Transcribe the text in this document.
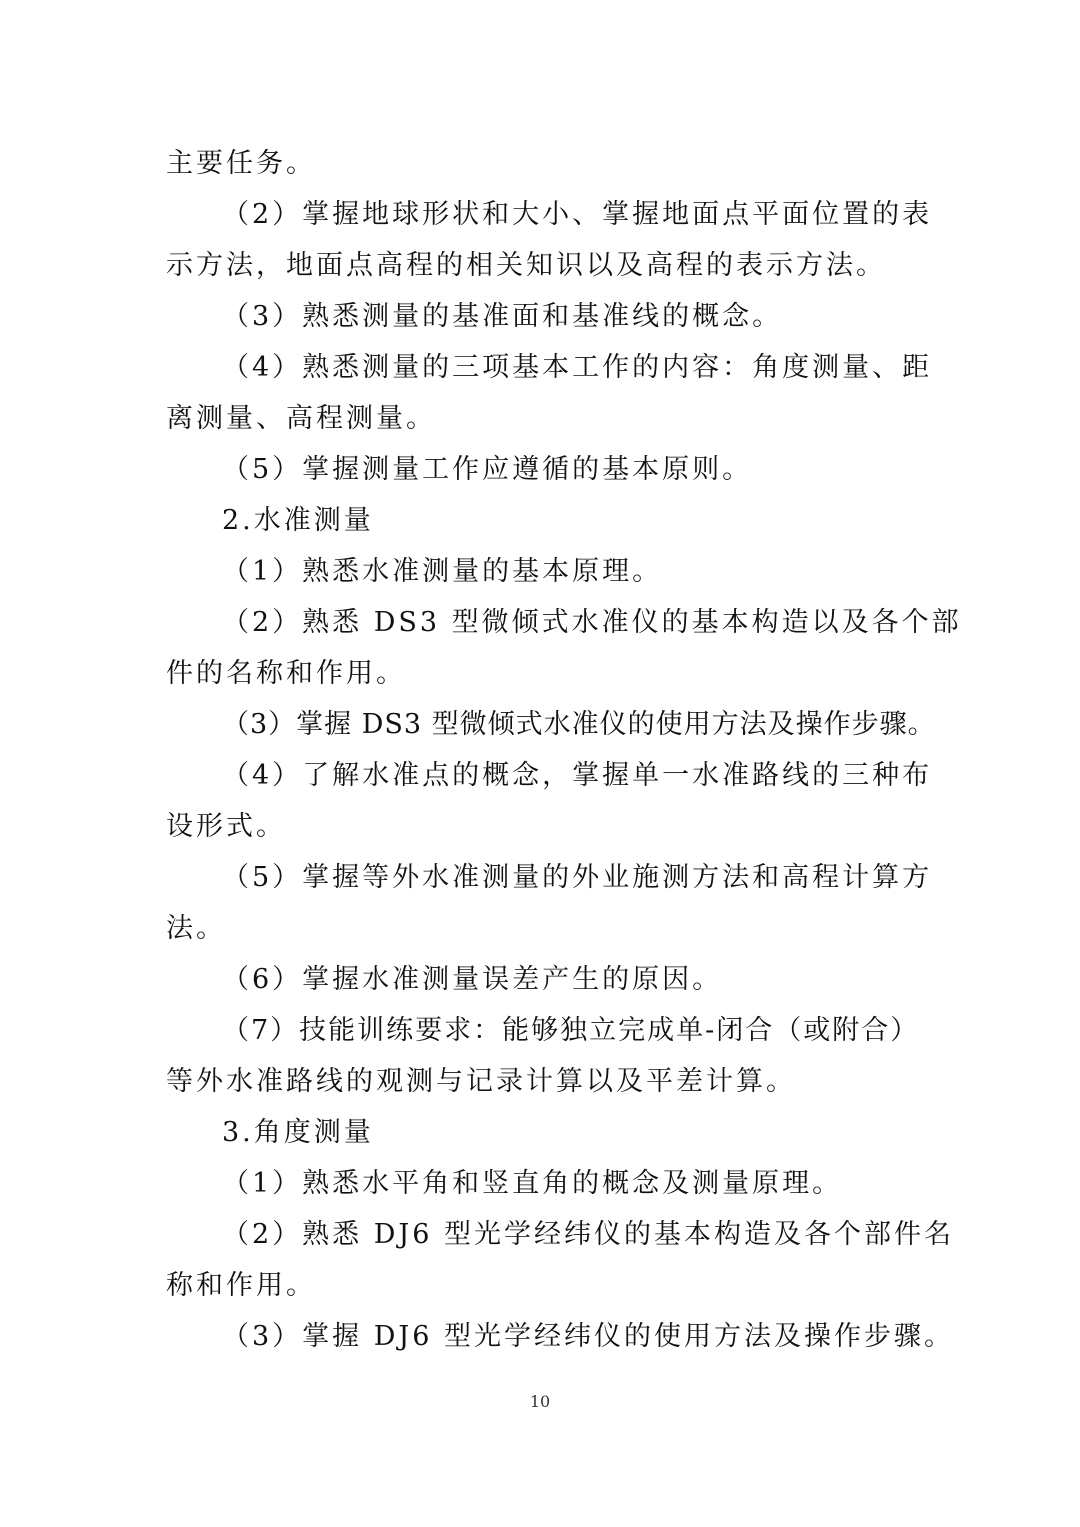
主要任务。
（2）掌握地球形状和大小、掌握地面点平面位置的表
示方法，地面点高程的相关知识以及高程的表示方法。
（3）熟悉测量的基准面和基准线的概念。
（4）熟悉测量的三项基本工作的内容：角度测量、距
离测量、高程测量。
（5）掌握测量工作应遵循的基本原则。
2.水准测量
（1）熟悉水准测量的基本原理。
（2）熟悉 DS3 型微倾式水准仪的基本构造以及各个部
件的名称和作用。
（3）掌握 DS3 型微倾式水准仪的使用方法及操作步骤。
（4）了解水准点的概念，掌握单一水准路线的三种布
设形式。
（5）掌握等外水准测量的外业施测方法和高程计算方
法。
（6）掌握水准测量误差产生的原因。
（7）技能训练要求：能够独立完成单-闭合（或附合）
等外水准路线的观测与记录计算以及平差计算。
3.角度测量
（1）熟悉水平角和竖直角的概念及测量原理。
（2）熟悉 DJ6 型光学经纬仪的基本构造及各个部件名
称和作用。
（3）掌握 DJ6 型光学经纬仪的使用方法及操作步骤。
10
